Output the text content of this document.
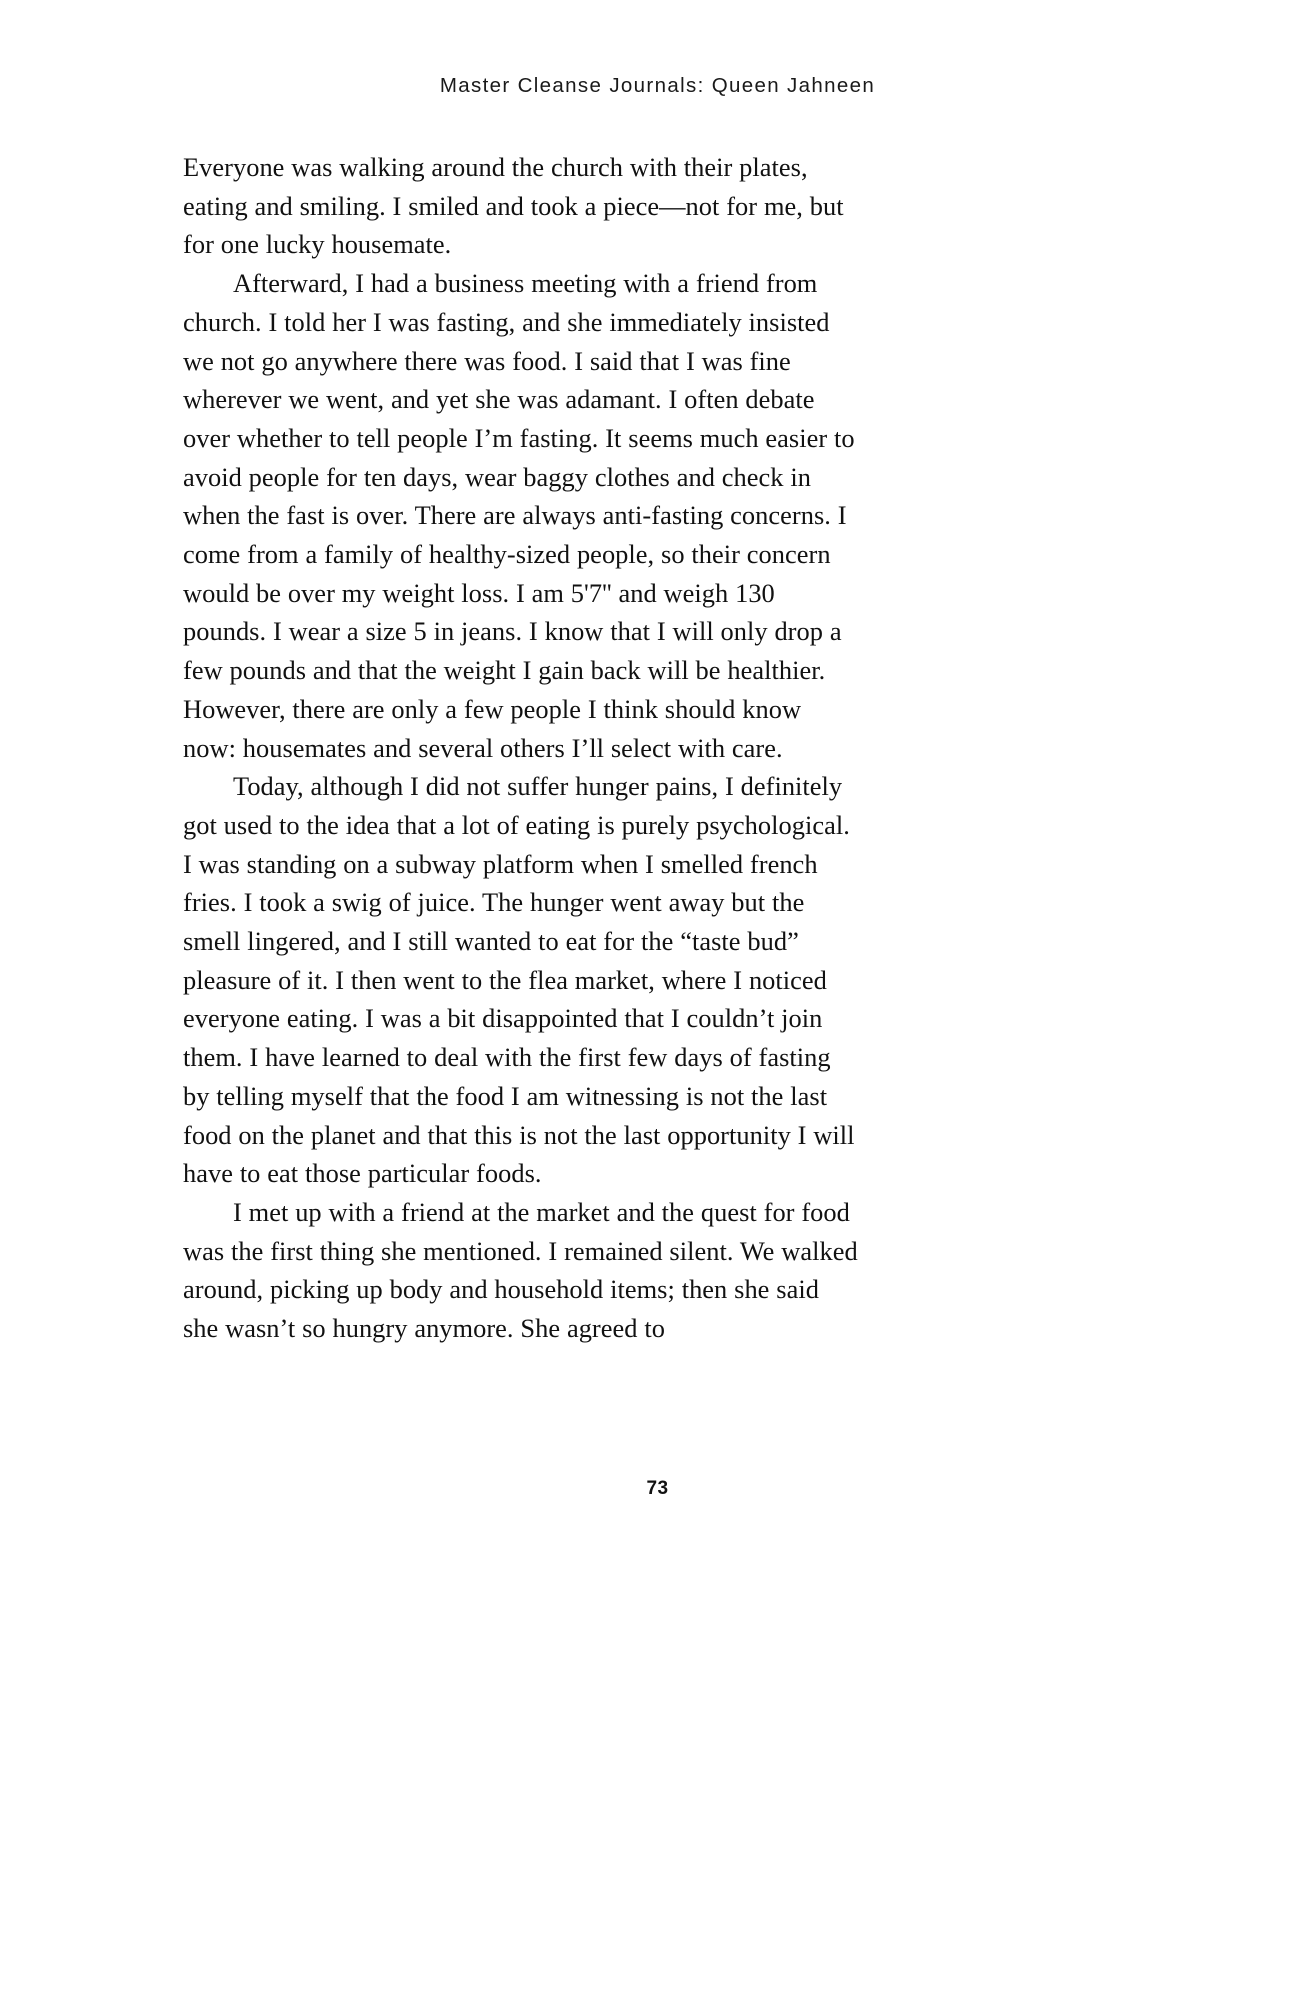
Master Cleanse Journals: Queen Jahneen

Everyone was walking around the church with their plates, eating and smiling. I smiled and took a piece—not for me, but for one lucky housemate.

Afterward, I had a business meeting with a friend from church. I told her I was fasting, and she immediately insisted we not go anywhere there was food. I said that I was fine wherever we went, and yet she was adamant. I often debate over whether to tell people I’m fasting. It seems much easier to avoid people for ten days, wear baggy clothes and check in when the fast is over. There are always anti-fasting concerns. I come from a family of healthy-sized people, so their concern would be over my weight loss. I am 5'7'' and weigh 130 pounds. I wear a size 5 in jeans. I know that I will only drop a few pounds and that the weight I gain back will be healthier. However, there are only a few people I think should know now: housemates and several others I’ll select with care.

Today, although I did not suffer hunger pains, I definitely got used to the idea that a lot of eating is purely psychological. I was standing on a subway platform when I smelled french fries. I took a swig of juice. The hunger went away but the smell lingered, and I still wanted to eat for the “taste bud” pleasure of it. I then went to the flea market, where I noticed everyone eating. I was a bit disappointed that I couldn’t join them. I have learned to deal with the first few days of fasting by telling myself that the food I am witnessing is not the last food on the planet and that this is not the last opportunity I will have to eat those particular foods.

I met up with a friend at the market and the quest for food was the first thing she mentioned. I remained silent. We walked around, picking up body and household items; then she said she wasn’t so hungry anymore. She agreed to

73
